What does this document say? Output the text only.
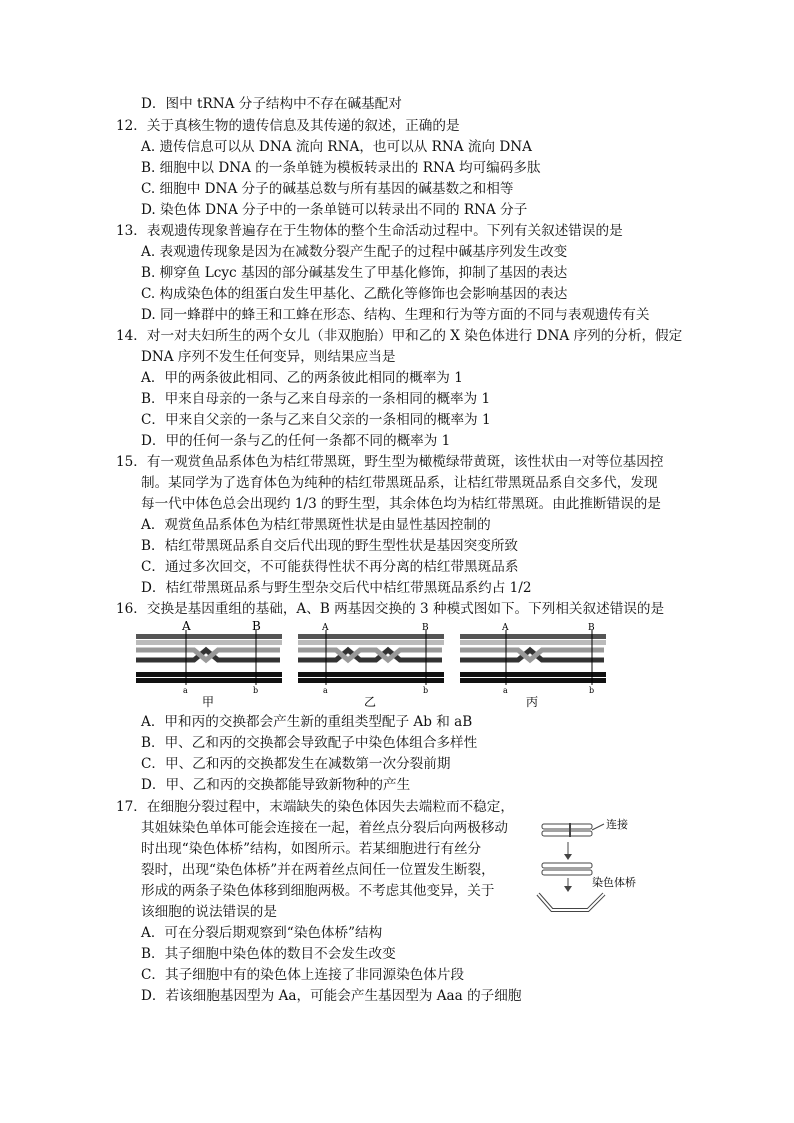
D．图中 tRNA 分子结构中不存在碱基配对
12．关于真核生物的遗传信息及其传递的叙述，正确的是
A. 遗传信息可以从 DNA 流向 RNA，也可以从 RNA 流向 DNA
B. 细胞中以 DNA 的一条单链为模板转录出的 RNA 均可编码多肽
C. 细胞中 DNA 分子的碱基总数与所有基因的碱基数之和相等
D. 染色体 DNA 分子中的一条单链可以转录出不同的 RNA 分子
13．表观遗传现象普遍存在于生物体的整个生命活动过程中。下列有关叙述错误的是
A. 表观遗传现象是因为在减数分裂产生配子的过程中碱基序列发生改变
B. 柳穿鱼 Lcyc 基因的部分碱基发生了甲基化修饰，抑制了基因的表达
C. 构成染色体的组蛋白发生甲基化、乙酰化等修饰也会影响基因的表达
D. 同一蜂群中的蜂王和工蜂在形态、结构、生理和行为等方面的不同与表观遗传有关
14．对一对夫妇所生的两个女儿（非双胞胎）甲和乙的 X 染色体进行 DNA 序列的分析，假定
DNA 序列不发生任何变异，则结果应当是
A．甲的两条彼此相同、乙的两条彼此相同的概率为 1
B．甲来自母亲的一条与乙来自母亲的一条相同的概率为 1
C．甲来自父亲的一条与乙来自父亲的一条相同的概率为 1
D．甲的任何一条与乙的任何一条都不同的概率为 1
15．有一观赏鱼品系体色为桔红带黑斑，野生型为橄榄绿带黄斑，该性状由一对等位基因控
制。某同学为了选育体色为纯种的桔红带黑斑品系，让桔红带黑斑品系自交多代，发现
每一代中体色总会出现约 1/3 的野生型，其余体色均为桔红带黑斑。由此推断错误的是
A．观赏鱼品系体色为桔红带黑斑性状是由显性基因控制的
B．桔红带黑斑品系自交后代出现的野生型性状是基因突变所致
C．通过多次回交，不可能获得性状不再分离的桔红带黑斑品系
D．桔红带黑斑品系与野生型杂交后代中桔红带黑斑品系约占 1/2
16．交换是基因重组的基础，A、B 两基因交换的 3 种模式图如下。下列相关叙述错误的是
A．甲和丙的交换都会产生新的重组类型配子 Ab 和 aB
B．甲、乙和丙的交换都会导致配子中染色体组合多样性
C．甲、乙和丙的交换都发生在减数第一次分裂前期
D．甲、乙和丙的交换都能导致新物种的产生
17．在细胞分裂过程中，末端缺失的染色体因失去端粒而不稳定，
其姐妹染色单体可能会连接在一起，着丝点分裂后向两极移动
时出现“染色体桥”结构，如图所示。若某细胞进行有丝分
裂时，出现“染色体桥”并在两着丝点间任一位置发生断裂，
形成的两条子染色体移到细胞两极。不考虑其他变异，关于
该细胞的说法错误的是
A．可在分裂后期观察到“染色体桥”结构
B．其子细胞中染色体的数目不会发生改变
C．其子细胞中有的染色体上连接了非同源染色体片段
D．若该细胞基因型为 Aa，可能会产生基因型为 Aaa 的子细胞
A	B
a	b
甲
A	B
a	b
乙
A	B
a	b
丙
连接
染色体桥
